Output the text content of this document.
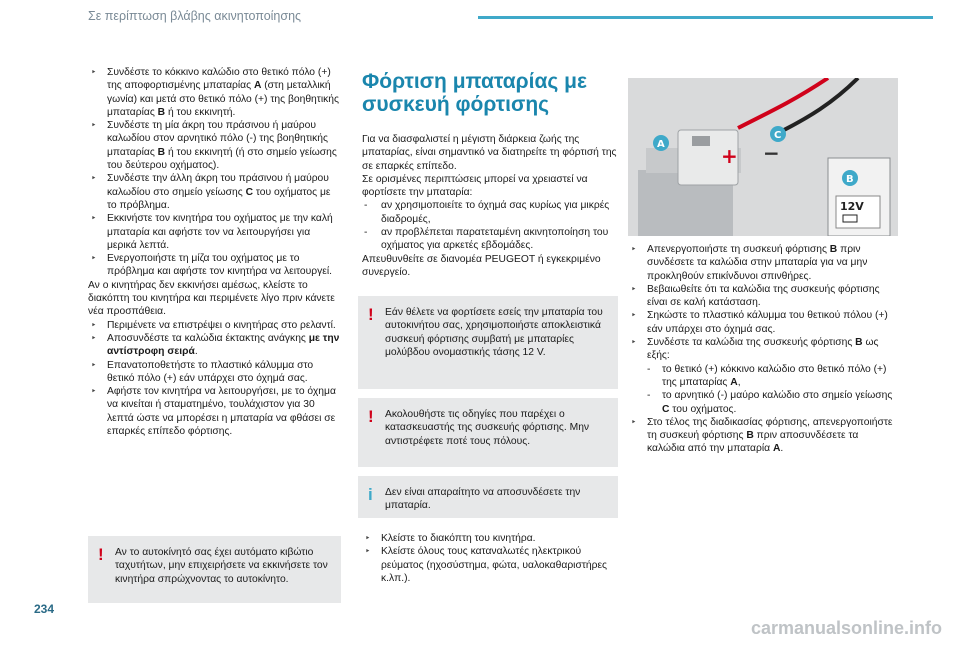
Σε περίπτωση βλάβης ακινητοποίησης

‣ Συνδέστε το κόκκινο καλώδιο στο θετικό πόλο (+) της αποφορτισμένης μπαταρίας A (στη μεταλλική γωνία) και μετά στο θετικό πόλο (+) της βοηθητικής μπαταρίας B ή του εκκινητή.

‣ Συνδέστε τη μία άκρη του πράσινου ή μαύρου καλωδίου στον αρνητικό πόλο (-) της βοηθητικής μπαταρίας B ή του εκκινητή (ή στο σημείο γείωσης του δεύτερου οχήματος).

‣ Συνδέστε την άλλη άκρη του πράσινου ή μαύρου καλωδίου στο σημείο γείωσης C του οχήματος με το πρόβλημα.

‣ Εκκινήστε τον κινητήρα του οχήματος με την καλή μπαταρία και αφήστε τον να λειτουργήσει για μερικά λεπτά.

‣ Ενεργοποιήστε τη μίζα του οχήματος με το πρόβλημα και αφήστε τον κινητήρα να λειτουργεί.

Αν ο κινητήρας δεν εκκινήσει αμέσως, κλείστε το διακόπτη του κινητήρα και περιμένετε λίγο πριν κάνετε νέα προσπάθεια.

‣ Περιμένετε να επιστρέψει ο κινητήρας στο ρελαντί.

‣ Αποσυνδέστε τα καλώδια έκτακτης ανάγκης με την αντίστροφη σειρά.

‣ Επανατοποθετήστε το πλαστικό κάλυμμα στο θετικό πόλο (+) εάν υπάρχει στο όχημά σας.

‣ Αφήστε τον κινητήρα να λειτουργήσει, με το όχημα να κινείται ή σταματημένο, τουλάχιστον για 30 λεπτά ώστε να μπορέσει η μπαταρία να φθάσει σε επαρκές επίπεδο φόρτισης.

! Αν το αυτοκίνητό σας έχει αυτόματο κιβώτιο ταχυτήτων, μην επιχειρήσετε να εκκινήσετε τον κινητήρα σπρώχνοντας το αυτοκίνητο.

Φόρτιση μπαταρίας με συσκευή φόρτισης

Για να διασφαλιστεί η μέγιστη διάρκεια ζωής της μπαταρίας, είναι σημαντικό να διατηρείτε τη φόρτισή της σε επαρκές επίπεδο.

Σε ορισμένες περιπτώσεις μπορεί να χρειαστεί να φορτίσετε την μπαταρία:

- αν χρησιμοποιείτε το όχημά σας κυρίως για μικρές διαδρομές,

- αν προβλέπεται παρατεταμένη ακινητοποίηση του οχήματος για αρκετές εβδομάδες.

Απευθυνθείτε σε διανομέα PEUGEOT ή εγκεκριμένο συνεργείο.

! Εάν θέλετε να φορτίσετε εσείς την μπαταρία του αυτοκινήτου σας, χρησιμοποιήστε αποκλειστικά συσκευή φόρτισης συμβατή με μπαταρίες μολύβδου ονομαστικής τάσης 12 V.

! Ακολουθήστε τις οδηγίες που παρέχει ο κατασκευαστής της συσκευής φόρτισης. Μην αντιστρέφετε ποτέ τους πόλους.

i	Δεν είναι απαραίτητο να αποσυνδέσετε την μπαταρία.

‣ Κλείστε το διακόπτη του κινητήρα.

‣ Κλείστε όλους τους καταναλωτές ηλεκτρικού ρεύματος (ηχοσύστημα, φώτα, υαλοκαθαριστήρες κ.λπ.).

+ −
12V
A
C
B

‣ Απενεργοποιήστε τη συσκευή φόρτισης B πριν συνδέσετε τα καλώδια στην μπαταρία για να μην προκληθούν επικίνδυνοι σπινθήρες.

‣ Βεβαιωθείτε ότι τα καλώδια της συσκευής φόρτισης είναι σε καλή κατάσταση.

‣ Σηκώστε το πλαστικό κάλυμμα του θετικού πόλου (+) εάν υπάρχει στο όχημά σας.

‣ Συνδέστε τα καλώδια της συσκευής φόρτισης B ως εξής:

- το θετικό (+) κόκκινο καλώδιο στο θετικό πόλο (+) της μπαταρίας A,

- το αρνητικό (-) μαύρο καλώδιο στο σημείο γείωσης C του οχήματος.

‣ Στο τέλος της διαδικασίας φόρτισης, απενεργοποιήστε τη συσκευή φόρτισης B πριν αποσυνδέσετε τα καλώδια από την μπαταρία A.

234
carmanualsonline.info
